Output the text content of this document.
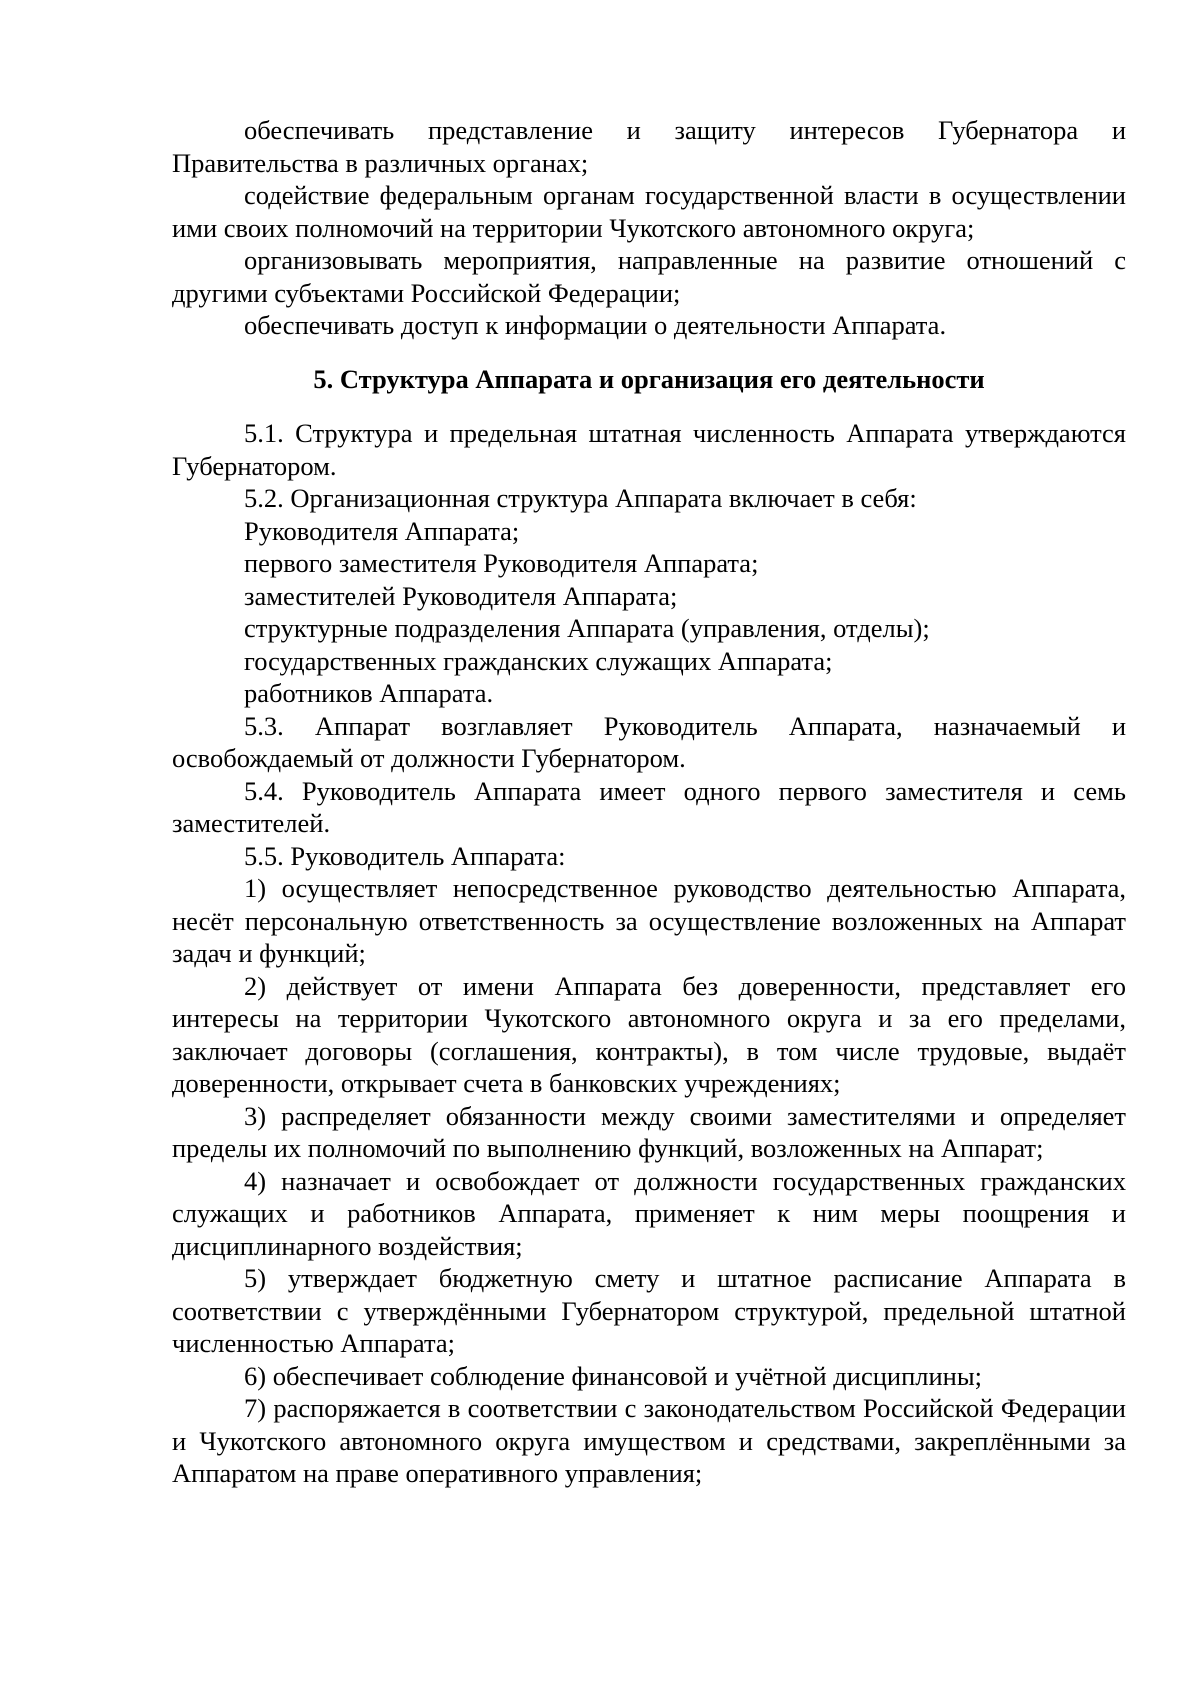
обеспечивать представление и защиту интересов Губернатора и Правительства в различных органах;

содействие федеральным органам государственной власти в осуществлении ими своих полномочий на территории Чукотского автономного округа;

организовывать мероприятия, направленные на развитие отношений с другими субъектами Российской Федерации;

обеспечивать доступ к информации о деятельности Аппарата.

5. Структура Аппарата и организация его деятельности

5.1. Структура и предельная штатная численность Аппарата утверждаются Губернатором.

5.2. Организационная структура Аппарата включает в себя:

Руководителя Аппарата;

первого заместителя Руководителя Аппарата;

заместителей Руководителя Аппарата;

структурные подразделения Аппарата (управления, отделы);

государственных гражданских служащих Аппарата;

работников Аппарата.

5.3. Аппарат возглавляет Руководитель Аппарата, назначаемый и освобождаемый от должности Губернатором.

5.4. Руководитель Аппарата имеет одного первого заместителя и семь заместителей.

5.5. Руководитель Аппарата:

1) осуществляет непосредственное руководство деятельностью Аппарата, несёт персональную ответственность за осуществление возложенных на Аппарат задач и функций;

2) действует от имени Аппарата без доверенности, представляет его интересы на территории Чукотского автономного округа и за его пределами, заключает договоры (соглашения, контракты), в том числе трудовые, выдаёт доверенности, открывает счета в банковских учреждениях;

3) распределяет обязанности между своими заместителями и определяет пределы их полномочий по выполнению функций, возложенных на Аппарат;

4) назначает и освобождает от должности государственных гражданских служащих и работников Аппарата, применяет к ним меры поощрения и дисциплинарного воздействия;

5) утверждает бюджетную смету и штатное расписание Аппарата в соответствии с утверждёнными Губернатором структурой, предельной штатной численностью Аппарата;

6) обеспечивает соблюдение финансовой и учётной дисциплины;

7) распоряжается в соответствии с законодательством Российской Федерации и Чукотского автономного округа имуществом и средствами, закреплёнными за Аппаратом на праве оперативного управления;
